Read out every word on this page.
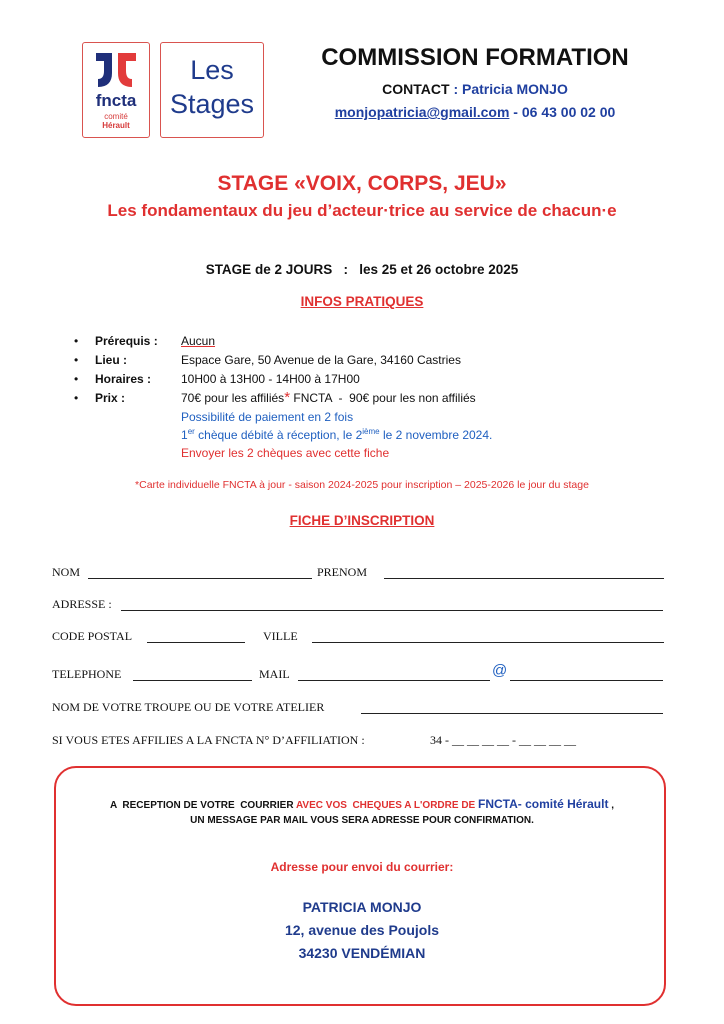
fncta
comité
Hérault
Les
Stages
COMMISSION FORMATION
CONTACT : Patricia MONJO
monjopatricia@gmail.com - 06 43 00 02 00
STAGE «VOIX, CORPS, JEU»
Les fondamentaux du jeu d’acteur·trice au service de chacun·e
STAGE de 2 JOURS   :   les 25 et 26 octobre 2025
INFOS PRATIQUES
• Prérequis : Aucun
• Lieu :	Espace Gare, 50 Avenue de la Gare, 34160 Castries
• Horaires : 10H00 à 13H00 - 14H00 à 17H00
• Prix :	70€ pour les affiliés* FNCTA  -  90€ pour les non affiliés
Possibilité de paiement en 2 fois
1er chèque débité à réception, le 2ième le 2 novembre 2024.
Envoyer les 2 chèques avec cette fiche
*Carte individuelle FNCTA à jour - saison 2024-2025 pour inscription – 2025-2026 le jour du stage
FICHE D’INSCRIPTION
NOM	PRENOM
ADRESSE :
CODE POSTAL	VILLE
TELEPHONE	MAIL	@
NOM DE VOTRE TROUPE OU DE VOTRE ATELIER
SI VOUS ETES AFFILIES A LA FNCTA N° D’AFFILIATION :	34 - __ __ __ __ - __ __ __ __
A  RECEPTION DE VOTRE  COURRIER AVEC VOS  CHEQUES A L'ORDRE DE FNCTA- comité Hérault ,
UN MESSAGE PAR MAIL VOUS SERA ADRESSE POUR CONFIRMATION.
Adresse pour envoi du courrier:
PATRICIA MONJO
12, avenue des Poujols
34230 VENDÉMIAN
